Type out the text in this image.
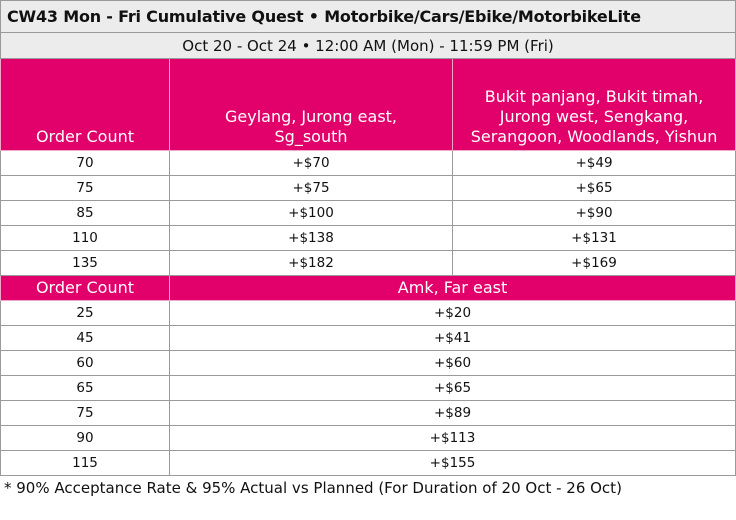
CW43 Mon - Fri Cumulative Quest • Motorbike/Cars/Ebike/MotorbikeLite		
Oct 20 - Oct 24 • 12:00 AM (Mon) - 11:59 PM (Fri)		
Order Count	Geylang, Jurong east, Sg_south	Bukit panjang, Bukit timah, Jurong west, Sengkang, Serangoon, Woodlands, Yishun
70	+$70	+$49
75	+$75	+$65
85	+$100	+$90
110	+$138	+$131
135	+$182	+$169
Order Count	Amk, Far east	
25	+$20	
45	+$41	
60	+$60	
65	+$65	
75	+$89	
90	+$113	
115	+$155	
* 90% Acceptance Rate & 95% Actual vs Planned (For Duration of 20 Oct - 26 Oct)
